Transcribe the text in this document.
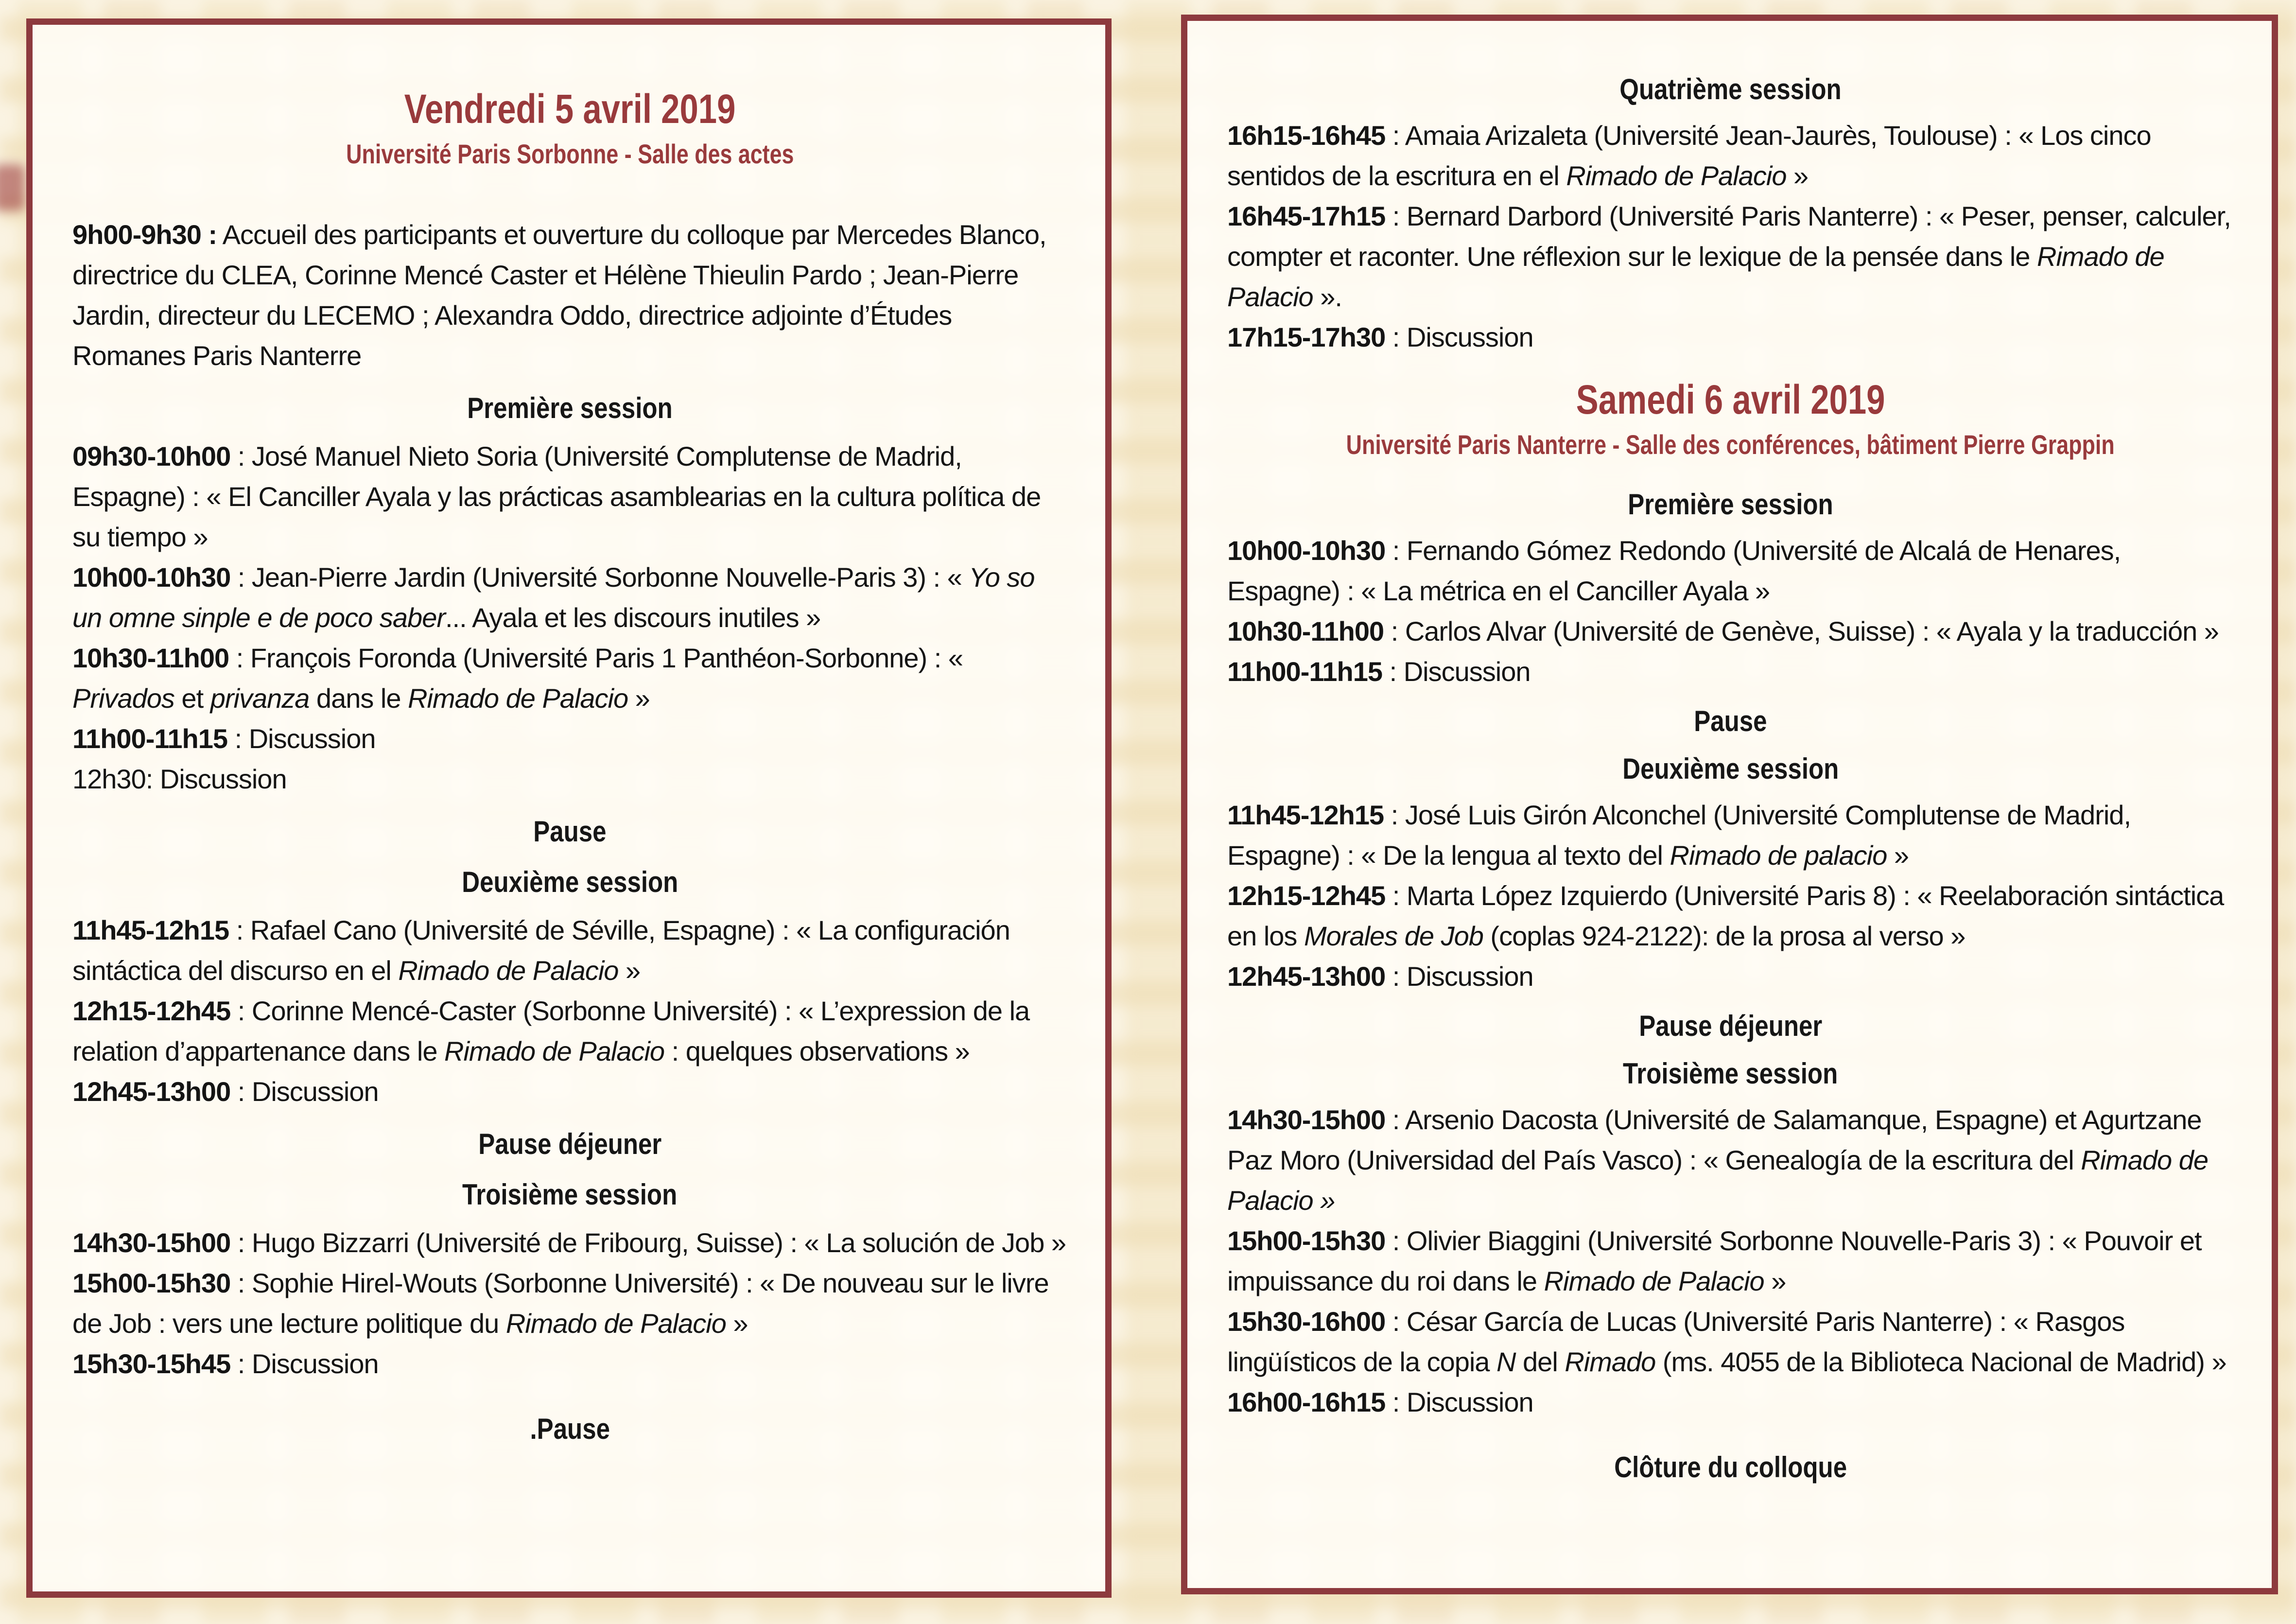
Vendredi 5 avril 2019
Université Paris Sorbonne - Salle des actes

9h00-9h30 : Accueil des participants et ouverture du colloque par Mercedes Blanco, directrice du CLEA, Corinne Mencé Caster et Hélène Thieulin Pardo ; Jean-Pierre Jardin, directeur du LECEMO ; Alexandra Oddo, directrice adjointe d’Études Romanes Paris Nanterre

Première session

09h30-10h00 : José Manuel Nieto Soria (Université Complutense de Madrid, Espagne) : « El Canciller Ayala y las prácticas asamblearias en la cultura política de su tiempo »

10h00-10h30 : Jean-Pierre Jardin (Université Sorbonne Nouvelle-Paris 3) : « Yo so un omne sinple e de poco saber... Ayala et les discours inutiles »

10h30-11h00 : François Foronda (Université Paris 1 Panthéon-Sorbonne) : « Privados et privanza dans le Rimado de Palacio »

11h00-11h15 : Discussion

12h30: Discussion

Pause
Deuxième session

11h45-12h15 : Rafael Cano (Université de Séville, Espagne) : « La configuración sintáctica del discurso en el Rimado de Palacio »

12h15-12h45 : Corinne Mencé-Caster (Sorbonne Université) : « L’expression de la relation d’appartenance dans le Rimado de Palacio : quelques observations »

12h45-13h00 : Discussion

Pause déjeuner
Troisième session

14h30-15h00 : Hugo Bizzarri (Université de Fribourg, Suisse) : « La solución de Job »

15h00-15h30 : Sophie Hirel-Wouts (Sorbonne Université) : « De nouveau sur le livre de Job : vers une lecture politique du Rimado de Palacio »

15h30-15h45 : Discussion

.Pause
Quatrième session

16h15-16h45 : Amaia Arizaleta (Université Jean-Jaurès, Toulouse) : « Los cinco sentidos de la escritura en el Rimado de Palacio »

16h45-17h15 : Bernard Darbord (Université Paris Nanterre) : « Peser, penser, calculer, compter et raconter. Une réflexion sur le lexique de la pensée dans le Rimado de Palacio ».

17h15-17h30 : Discussion

Samedi 6 avril 2019
Université Paris Nanterre - Salle des conférences, bâtiment Pierre Grappin
Première session

10h00-10h30 : Fernando Gómez Redondo (Université de Alcalá de Henares, Espagne) : « La métrica en el Canciller Ayala »

10h30-11h00 : Carlos Alvar (Université de Genève, Suisse) : « Ayala y la traducción »

11h00-11h15 : Discussion

Pause
Deuxième session

11h45-12h15 : José Luis Girón Alconchel (Université Complutense de Madrid, Espagne) : « De la lengua al texto del Rimado de palacio »

12h15-12h45 : Marta López Izquierdo (Université Paris 8) : « Reelaboración sintáctica en los Morales de Job (coplas 924-2122): de la prosa al verso »

12h45-13h00 : Discussion

Pause déjeuner
Troisième session

14h30-15h00 : Arsenio Dacosta (Université de Salamanque, Espagne) et Agurtzane Paz Moro (Universidad del País Vasco) : « Genealogía de la escritura del Rimado de Palacio »

15h00-15h30 : Olivier Biaggini (Université Sorbonne Nouvelle-Paris 3) : « Pouvoir et impuissance du roi dans le Rimado de Palacio »

15h30-16h00 : César García de Lucas (Université Paris Nanterre) : « Rasgos lingüísticos de la copia N del Rimado (ms. 4055 de la Biblioteca Nacional de Madrid) »

16h00-16h15 : Discussion

Clôture du colloque
